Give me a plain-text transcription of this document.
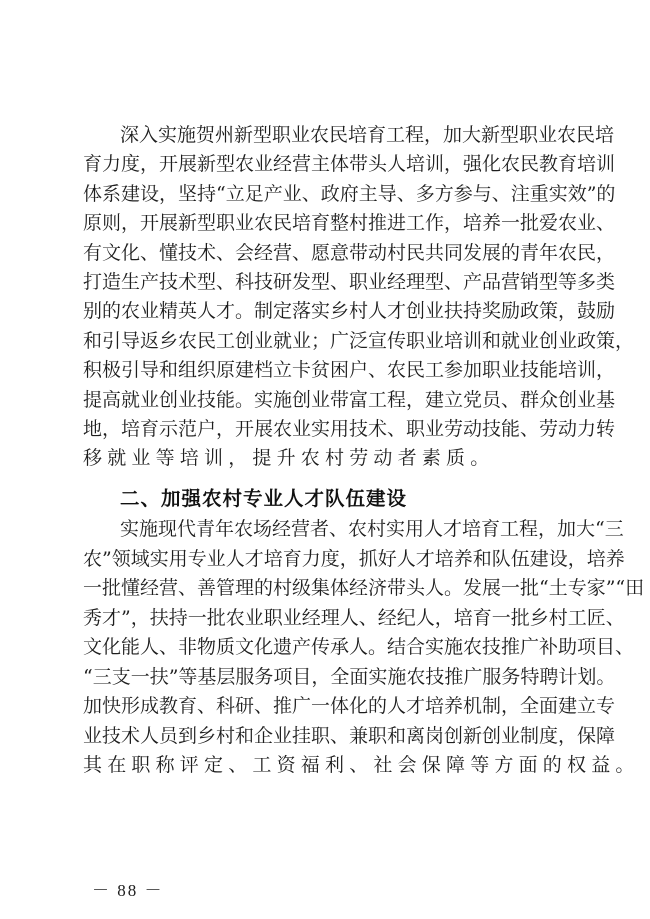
深入实施贺州新型职业农民培育工程，加大新型职业农民培
育力度，开展新型农业经营主体带头人培训，强化农民教育培训
体系建设，坚持“立足产业、政府主导、多方参与、注重实效”的
原则，开展新型职业农民培育整村推进工作，培养一批爱农业、
有文化、懂技术、会经营、愿意带动村民共同发展的青年农民，
打造生产技术型、科技研发型、职业经理型、产品营销型等多类
别的农业精英人才。制定落实乡村人才创业扶持奖励政策，鼓励
和引导返乡农民工创业就业；广泛宣传职业培训和就业创业政策，
积极引导和组织原建档立卡贫困户、农民工参加职业技能培训，
提高就业创业技能。实施创业带富工程，建立党员、群众创业基
地，培育示范户，开展农业实用技术、职业劳动技能、劳动力转
移就业等培训，提升农村劳动者素质。
二、加强农村专业人才队伍建设
实施现代青年农场经营者、农村实用人才培育工程，加大“三
农”领域实用专业人才培育力度，抓好人才培养和队伍建设，培养
一批懂经营、善管理的村级集体经济带头人。发展一批“土专家”“田
秀才”，扶持一批农业职业经理人、经纪人，培育一批乡村工匠、
文化能人、非物质文化遗产传承人。结合实施农技推广补助项目、
“三支一扶”等基层服务项目，全面实施农技推广服务特聘计划。
加快形成教育、科研、推广一体化的人才培养机制，全面建立专
业技术人员到乡村和企业挂职、兼职和离岗创新创业制度，保障
其在职称评定、工资福利、社会保障等方面的权益。
－ 88 －
